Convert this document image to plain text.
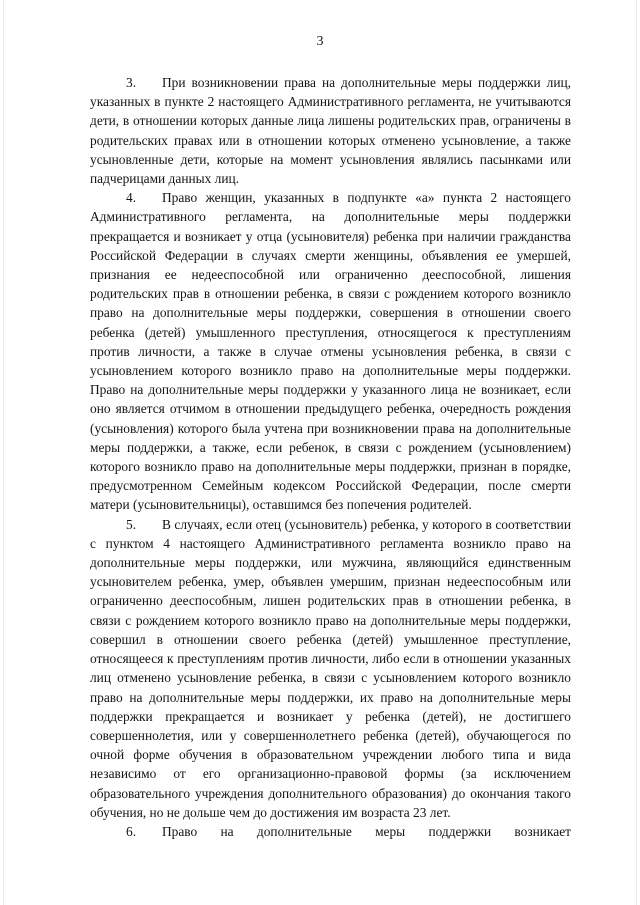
3

3. При возникновении права на дополнительные меры поддержки лиц, указанных в пункте 2 настоящего Административного регламента, не учитываются дети, в отношении которых данные лица лишены родительских прав, ограничены в родительских правах или в отношении которых отменено усыновление, а также усыновленные дети, которые на момент усыновления являлись пасынками или падчерицами данных лиц.

4. Право женщин, указанных в подпункте «а» пункта 2 настоящего Административного регламента, на дополнительные меры поддержки прекращается и возникает у отца (усыновителя) ребенка при наличии гражданства Российской Федерации в случаях смерти женщины, объявления ее умершей, признания ее недееспособной или ограниченно дееспособной, лишения родительских прав в отношении ребенка, в связи с рождением которого возникло право на дополнительные меры поддержки, совершения в отношении своего ребенка (детей) умышленного преступления, относящегося к преступлениям против личности, а также в случае отмены усыновления ребенка, в связи с усыновлением которого возникло право на дополнительные меры поддержки. Право на дополнительные меры поддержки у указанного лица не возникает, если оно является отчимом в отношении предыдущего ребенка, очередность рождения (усыновления) которого была учтена при возникновении права на дополнительные меры поддержки, а также, если ребенок, в связи с рождением (усыновлением) которого возникло право на дополнительные меры поддержки, признан в порядке, предусмотренном Семейным кодексом Российской Федерации, после смерти матери (усыновительницы), оставшимся без попечения родителей.

5. В случаях, если отец (усыновитель) ребенка, у которого в соответствии с пунктом 4 настоящего Административного регламента возникло право на дополнительные меры поддержки, или мужчина, являющийся единственным усыновителем ребенка, умер, объявлен умершим, признан недееспособным или ограниченно дееспособным, лишен родительских прав в отношении ребенка, в связи с рождением которого возникло право на дополнительные меры поддержки, совершил в отношении своего ребенка (детей) умышленное преступление, относящееся к преступлениям против личности, либо если в отношении указанных лиц отменено усыновление ребенка, в связи с усыновлением которого возникло право на дополнительные меры поддержки, их право на дополнительные меры поддержки прекращается и возникает у ребенка (детей), не достигшего совершеннолетия, или у совершеннолетнего ребенка (детей), обучающегося по очной форме обучения в образовательном учреждении любого типа и вида независимо от его организационно-правовой формы (за исключением образовательного учреждения дополнительного образования) до окончания такого обучения, но не дольше чем до достижения им возраста 23 лет.

6. Право на дополнительные меры поддержки возникает
